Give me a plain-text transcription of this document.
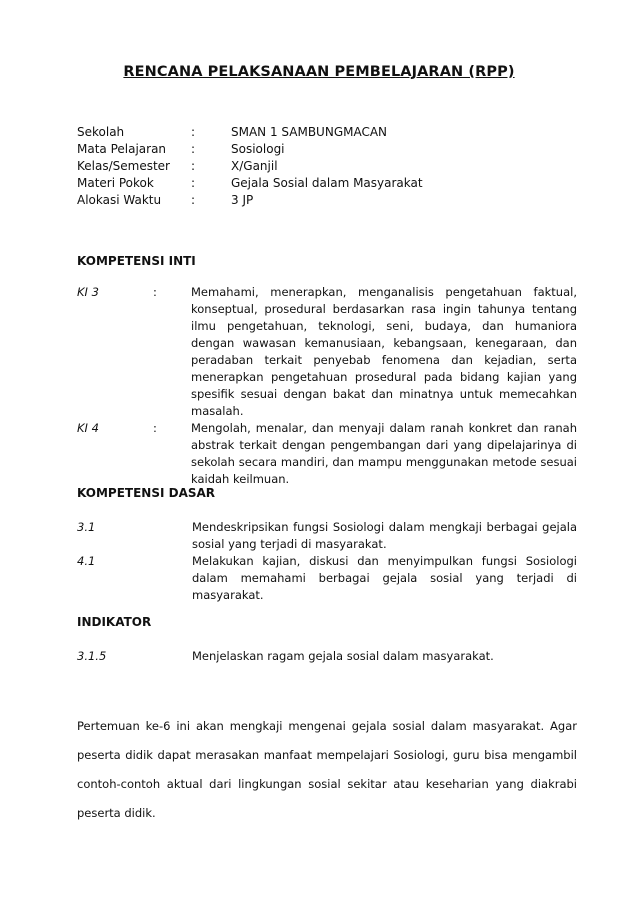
RENCANA PELAKSANAAN PEMBELAJARAN (RPP)
Sekolah	:	SMAN 1 SAMBUNGMACAN
Mata Pelajaran	:	Sosiologi
Kelas/Semester	:	X/Ganjil
Materi Pokok	:	Gejala Sosial dalam Masyarakat
Alokasi Waktu	:	3 JP
KOMPETENSI INTI
KI 3	:	Memahami, menerapkan, menganalisis pengetahuan faktual, konseptual, prosedural berdasarkan rasa ingin tahunya tentang ilmu pengetahuan, teknologi, seni, budaya, dan humaniora dengan wawasan kemanusiaan, kebangsaan, kenegaraan, dan peradaban terkait penyebab fenomena dan kejadian, serta menerapkan pengetahuan prosedural pada bidang kajian yang spesifik sesuai dengan bakat dan minatnya untuk memecahkan masalah.
KI 4	:	Mengolah, menalar, dan menyaji dalam ranah konkret dan ranah abstrak terkait dengan pengembangan dari yang dipelajarinya di sekolah secara mandiri, dan mampu menggunakan metode sesuai kaidah keilmuan.
KOMPETENSI DASAR
3.1	Mendeskripsikan fungsi Sosiologi dalam mengkaji berbagai gejala sosial yang terjadi di masyarakat.
4.1	Melakukan kajian, diskusi dan menyimpulkan fungsi Sosiologi dalam memahami berbagai gejala sosial yang terjadi di masyarakat.
INDIKATOR
3.1.5	Menjelaskan ragam gejala sosial dalam masyarakat.
Pertemuan ke-6 ini akan mengkaji mengenai gejala sosial dalam masyarakat. Agar peserta didik dapat merasakan manfaat mempelajari Sosiologi, guru bisa mengambil contoh-contoh aktual dari lingkungan sosial sekitar atau keseharian yang diakrabi peserta didik.
